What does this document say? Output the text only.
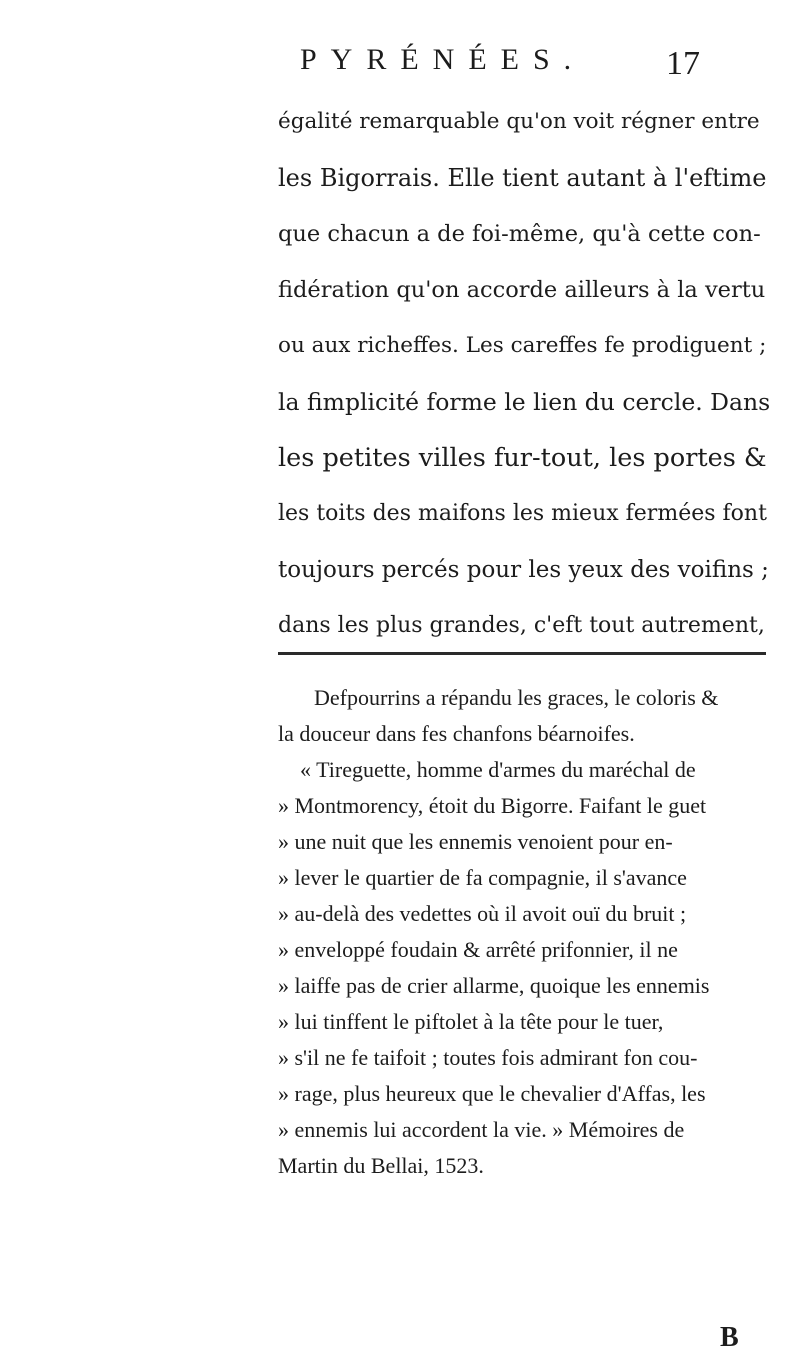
PYRÉNÉES. 17
égalité remarquable qu'on voit régner entre
les Bigorrais. Elle tient autant à l'eftime
que chacun a de foi-même, qu'à cette con-
fidération qu'on accorde ailleurs à la vertu
ou aux richeffes. Les careffes fe prodiguent ;
la fimplicité forme le lien du cercle. Dans
les petites villes fur-tout, les portes &
les toits des maifons les mieux fermées font
toujours percés pour les yeux des voifins ;
dans les plus grandes, c'eft tout autrement,
Defpourrins a répandu les graces, le coloris &
la douceur dans fes chanfons béarnoifes.
« Tireguette, homme d'armes du maréchal de
» Montmorency, étoit du Bigorre. Faifant le guet
» une nuit que les ennemis venoient pour en-
» lever le quartier de fa compagnie, il s'avance
» au-delà des vedettes où il avoit ouï du bruit ;
» enveloppé foudain & arrêté prifonnier, il ne
» laiffe pas de crier allarme, quoique les ennemis
» lui tinffent le piftolet à la tête pour le tuer,
» s'il ne fe taifoit ; toutes fois admirant fon cou-
» rage, plus heureux que le chevalier d'Affas, les
» ennemis lui accordent la vie. » Mémoires de
Martin du Bellai, 1523.
B
